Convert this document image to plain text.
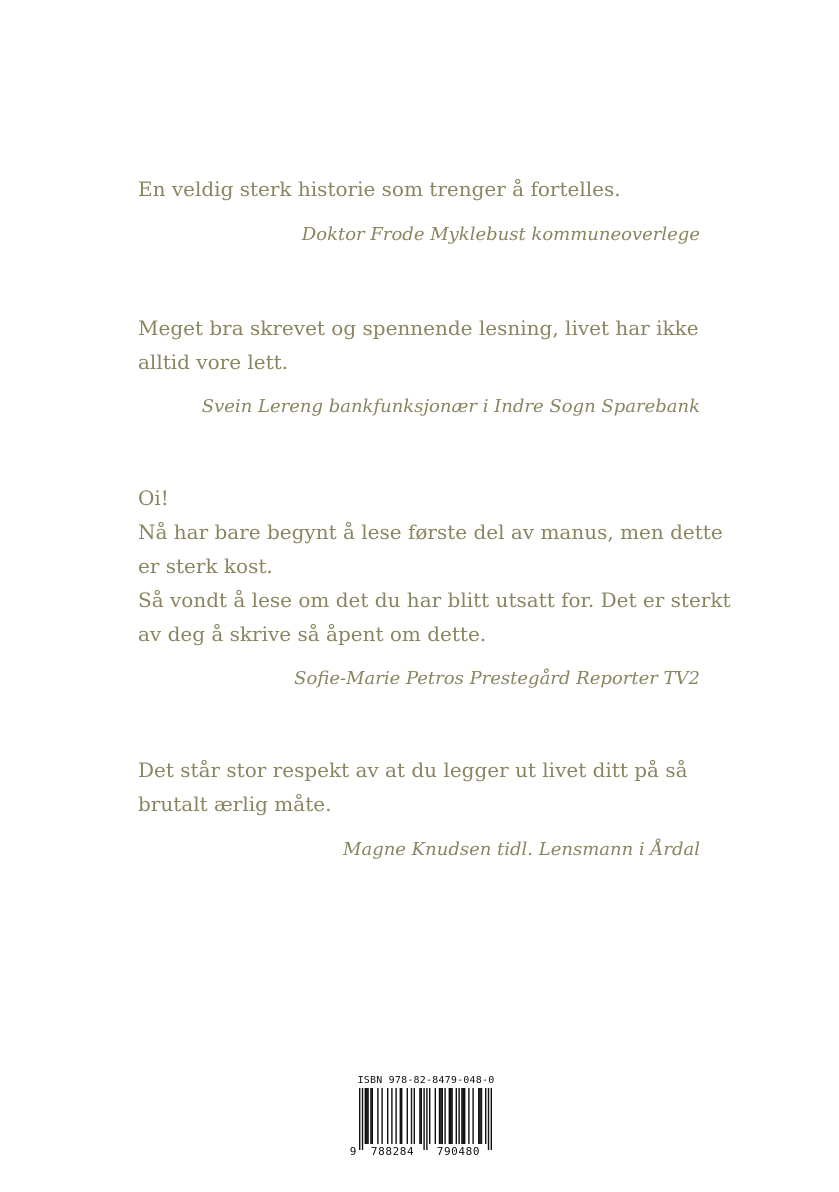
En veldig sterk historie som trenger å fortelles.

Doktor Frode Myklebust kommuneoverlege

Meget bra skrevet og spennende lesning, livet har ikke

alltid vore lett.

Svein Lereng bankfunksjonær i Indre Sogn Sparebank

Oi!

Nå har bare begynt å lese første del av manus, men dette

er sterk kost.

Så vondt å lese om det du har blitt utsatt for. Det er sterkt

av deg å skrive så åpent om dette.

Sofie-Marie Petros Prestegård Reporter TV2

Det står stor respekt av at du legger ut livet ditt på så

brutalt ærlig måte.

Magne Knudsen tidl. Lensmann i Årdal

ISBN 978-82-8479-048-0
9 788284 790480
